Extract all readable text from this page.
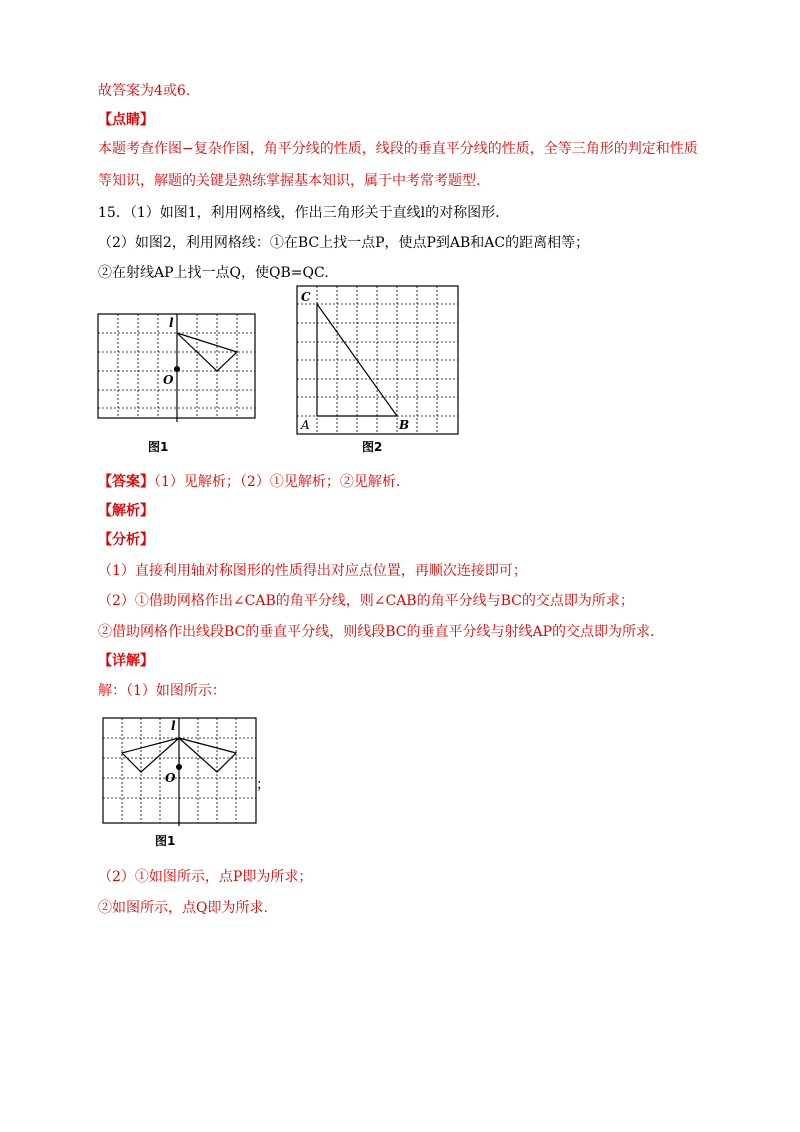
故答案为4或6.
【点睛】
本题考查作图−复杂作图，角平分线的性质，线段的垂直平分线的性质，全等三角形的判定和性质
等知识，解题的关键是熟练掌握基本知识，属于中考常考题型.
15．（1）如图1，利用网格线，作出三角形关于直线l的对称图形.
（2）如图2，利用网格线：①在BC上找一点P，使点P到AB和AC的距离相等；
②在射线AP上找一点Q，使QB=QC.
l
O
图1
C
A	B
图2
【答案】（1）见解析；（2）①见解析；②见解析.
【解析】
【分析】
（1）直接利用轴对称图形的性质得出对应点位置，再顺次连接即可；
（2）①借助网格作出∠CAB的角平分线，则∠CAB的角平分线与BC的交点即为所求；
②借助网格作出线段BC的垂直平分线，则线段BC的垂直平分线与射线AP的交点即为所求.
【详解】
解：（1）如图所示：
l
O	；
图1
（2）①如图所示，点P即为所求；
②如图所示，点Q即为所求.
